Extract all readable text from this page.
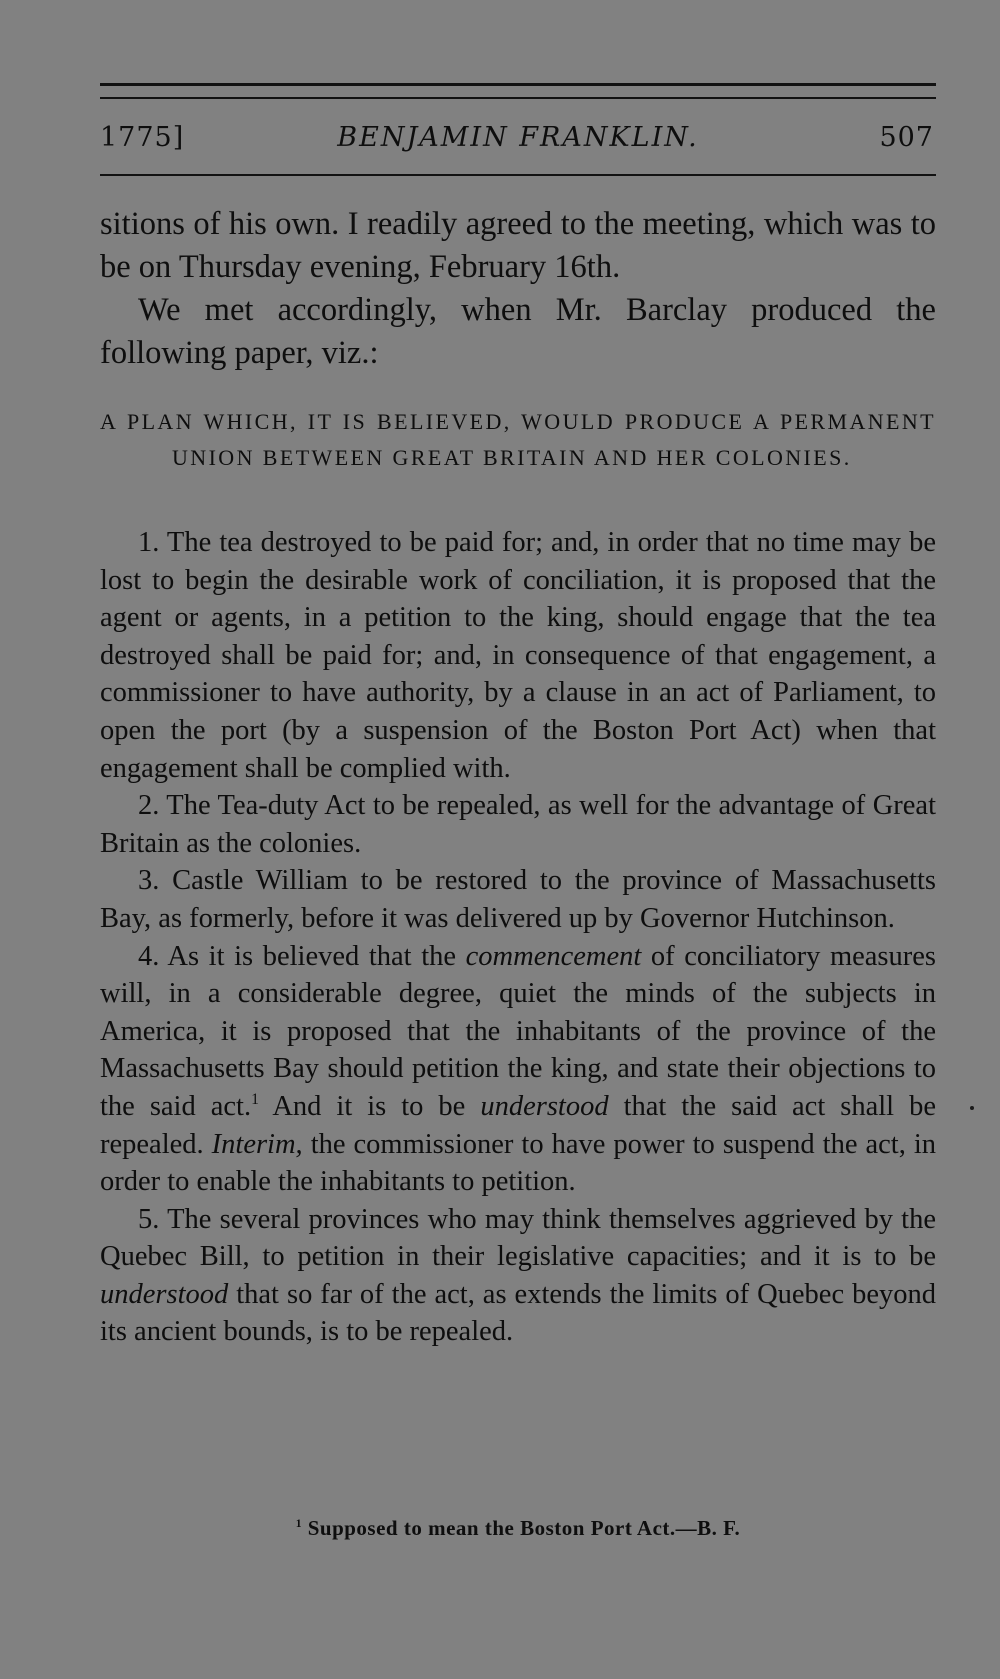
1775]	BENJAMIN FRANKLIN.	507

sitions of his own. I readily agreed to the meeting, which was to be on Thursday evening, February 16th.

We met accordingly, when Mr. Barclay produced the following paper, viz.:

A PLAN WHICH, IT IS BELIEVED, WOULD PRODUCE A PERMANENT UNION BETWEEN GREAT BRITAIN AND HER COLONIES.

1. The tea destroyed to be paid for; and, in order that no time may be lost to begin the desirable work of conciliation, it is proposed that the agent or agents, in a petition to the king, should engage that the tea destroyed shall be paid for; and, in consequence of that engagement, a commissioner to have authority, by a clause in an act of Parliament, to open the port (by a suspension of the Boston Port Act) when that engagement shall be complied with.

2. The Tea-duty Act to be repealed, as well for the advantage of Great Britain as the colonies.

3. Castle William to be restored to the province of Massachusetts Bay, as formerly, before it was delivered up by Governor Hutchinson.

4. As it is believed that the commencement of conciliatory measures will, in a considerable degree, quiet the minds of the subjects in America, it is proposed that the inhabitants of the province of the Massachusetts Bay should petition the king, and state their objections to the said act.$^1$ And it is to be understood that the said act shall be repealed. Interim, the commissioner to have power to suspend the act, in order to enable the inhabitants to petition.

5. The several provinces who may think themselves aggrieved by the Quebec Bill, to petition in their legislative capacities; and it is to be understood that so far of the act, as extends the limits of Quebec beyond its ancient bounds, is to be repealed.

$^1$ Supposed to mean the Boston Port Act.—B. F.
